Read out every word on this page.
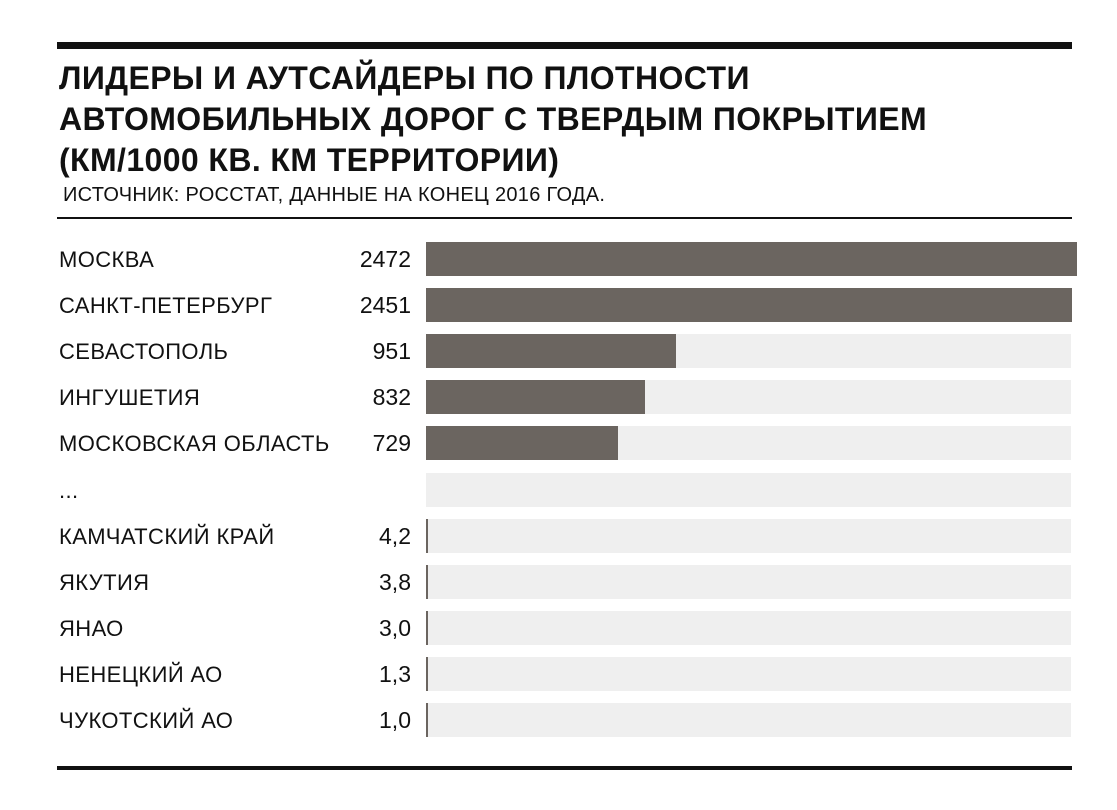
ЛИДЕРЫ И АУТСАЙДЕРЫ ПО ПЛОТНОСТИ АВТОМОБИЛЬНЫХ ДОРОГ С ТВЕРДЫМ ПОКРЫТИЕМ (КМ/1000 КВ. КМ ТЕРРИТОРИИ)

ИСТОЧНИК: РОССТАТ, ДАННЫЕ НА КОНЕЦ 2016 ГОДА.

МОСКВА	2472
САНКТ-ПЕТЕРБУРГ	2451
СЕВАСТОПОЛЬ	951
ИНГУШЕТИЯ	832
МОСКОВСКАЯ ОБЛАСТЬ 729
...
КАМЧАТСКИЙ КРАЙ	4,2
ЯКУТИЯ	3,8
ЯНАО	3,0
НЕНЕЦКИЙ АО	1,3
ЧУКОТСКИЙ АО	1,0
